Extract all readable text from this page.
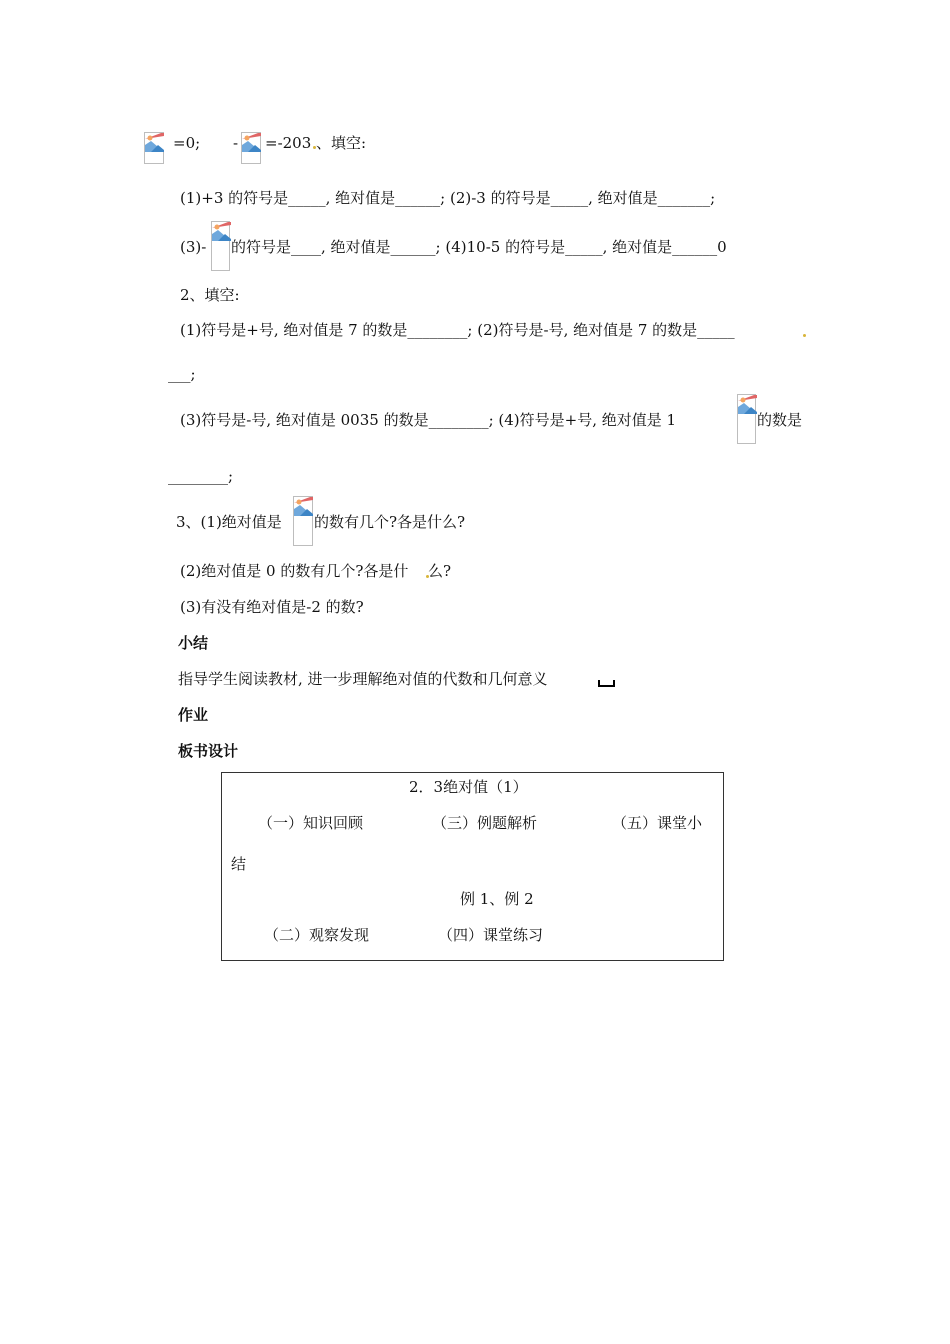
=0; - =-203 、填空:
(1)+3 的符号是_____, 绝对值是______; (2)-3 的符号是_____, 绝对值是_______;
(3)- 的符号是____, 绝对值是______; (4)10-5 的符号是_____, 绝对值是______0
2、填空:
(1)符号是+号, 绝对值是 7 的数是________; (2)符号是-号, 绝对值是 7 的数是_____
___;
(3)符号是-号, 绝对值是 0035 的数是________; (4)符号是+号, 绝对值是 1	的数是
________;
3、(1)绝对值是 的数有几个?各是什么?
(2)绝对值是 0 的数有几个?各是什 么?
(3)有没有绝对值是-2 的数?
小结
指导学生阅读教材, 进一步理解绝对值的代数和几何意义
作业
板书设计
2．3绝对值（1）
（一）知识回顾	（三）例题解析	（五）课堂小
结
例 1、例 2
（二）观察发现	（四）课堂练习
